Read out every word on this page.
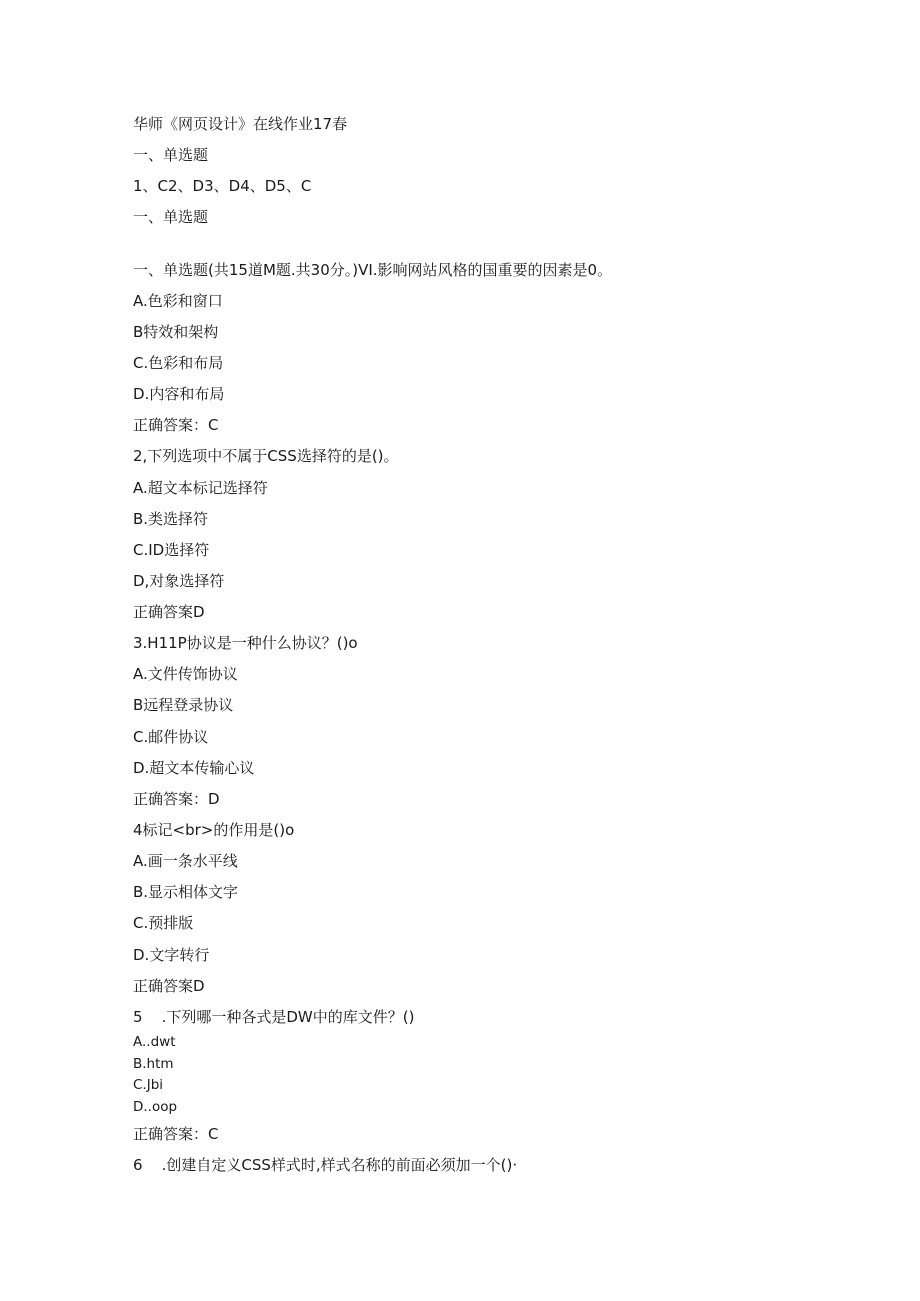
华师《网页设计》在线作业17春
一、单选题
1、C2、D3、D4、D5、C
一、单选题
一、单选题(共15道M题.共30分。)VI.影响网站风格的国重要的因素是0。
A.色彩和窗口
B特效和架构
C.色彩和布局
D.内容和布局
正确答案：C
2,下列选项中不属于CSS选择符的是()。
A.超文本标记选择符
B.类选择符
C.ID选择符
D,对象选择符
正确答案D
3.H11P协议是一种什么协议？()o
A.文件传饰协议
B远程登录协议
C.邮件协议
D.超文本传输心议
正确答案：D
4标记<br>的作用是()o
A.画一条水平线
B.显示相体文字
C.预排版
D.文字转行
正确答案D
5    .下列哪一种各式是DW中的库文件？()
A..dwt
B.htm
C.Jbi
D..oop
正确答案：C
6    .创建自定义CSS样式时,样式名称的前面必须加一个()·
